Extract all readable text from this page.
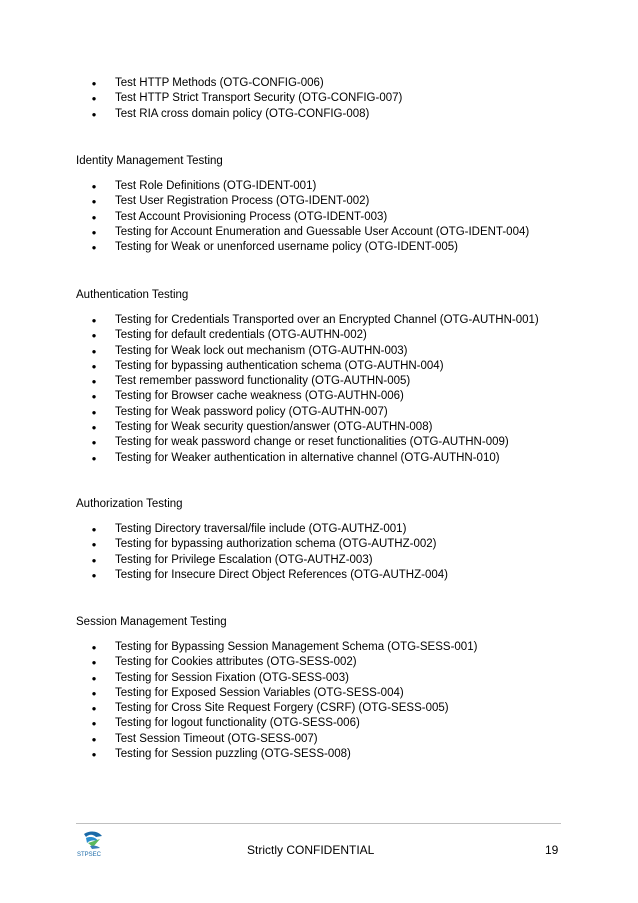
● Test HTTP Methods (OTG-CONFIG-006)
● Test HTTP Strict Transport Security (OTG-CONFIG-007)
● Test RIA cross domain policy (OTG-CONFIG-008)
Identity Management Testing
● Test Role Definitions (OTG-IDENT-001)
● Test User Registration Process (OTG-IDENT-002)
● Test Account Provisioning Process (OTG-IDENT-003)
● Testing for Account Enumeration and Guessable User Account (OTG-IDENT-004)
● Testing for Weak or unenforced username policy (OTG-IDENT-005)
Authentication Testing
● Testing for Credentials Transported over an Encrypted Channel (OTG-AUTHN-001)
● Testing for default credentials (OTG-AUTHN-002)
● Testing for Weak lock out mechanism (OTG-AUTHN-003)
● Testing for bypassing authentication schema (OTG-AUTHN-004)
● Test remember password functionality (OTG-AUTHN-005)
● Testing for Browser cache weakness (OTG-AUTHN-006)
● Testing for Weak password policy (OTG-AUTHN-007)
● Testing for Weak security question/answer (OTG-AUTHN-008)
● Testing for weak password change or reset functionalities (OTG-AUTHN-009)
● Testing for Weaker authentication in alternative channel (OTG-AUTHN-010)
Authorization Testing
● Testing Directory traversal/file include (OTG-AUTHZ-001)
● Testing for bypassing authorization schema (OTG-AUTHZ-002)
● Testing for Privilege Escalation (OTG-AUTHZ-003)
● Testing for Insecure Direct Object References (OTG-AUTHZ-004)
Session Management Testing
● Testing for Bypassing Session Management Schema (OTG-SESS-001)
● Testing for Cookies attributes (OTG-SESS-002)
● Testing for Session Fixation (OTG-SESS-003)
● Testing for Exposed Session Variables (OTG-SESS-004)
● Testing for Cross Site Request Forgery (CSRF) (OTG-SESS-005)
● Testing for logout functionality (OTG-SESS-006)
● Test Session Timeout (OTG-SESS-007)
● Testing for Session puzzling (OTG-SESS-008)
STPSEC	Strictly CONFIDENTIAL	19
